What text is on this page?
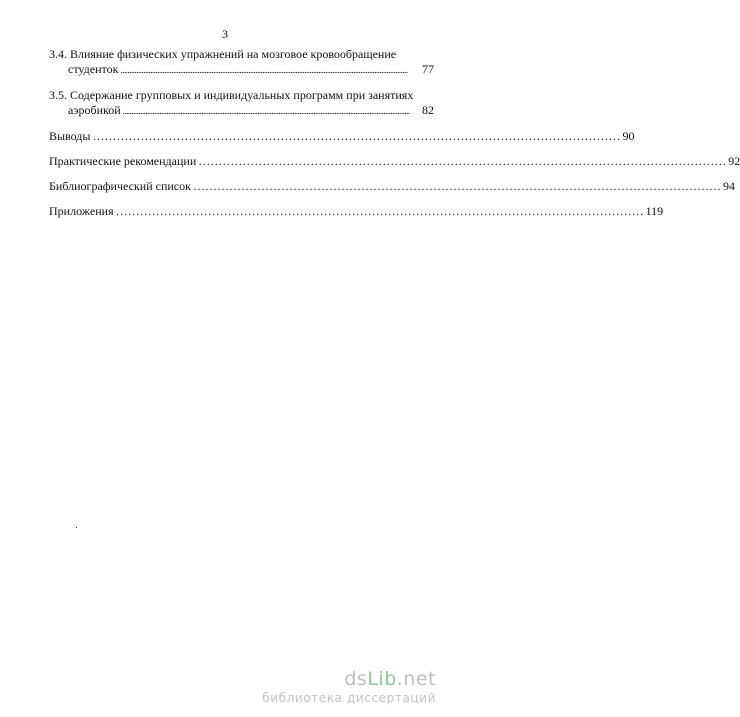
3
3.4. Влияние физических упражнений на мозговое кровообращение
студенток ....................................................................................................................................................................	77
3.5. Содержание групповых и индивидуальных программ при занятиях
аэробикой ....................................................................................................................................................................	82
Выводы …………………………………………………………………………………………………………………… 90
Практические рекомендации …………………………………………………………………………………………………………………… 92
Библиографический список …………………………………………………………………………………………………………………… 94
Приложения …………………………………………………………………………………………………………………… 119
dsLib.net
библиотека диссертаций
